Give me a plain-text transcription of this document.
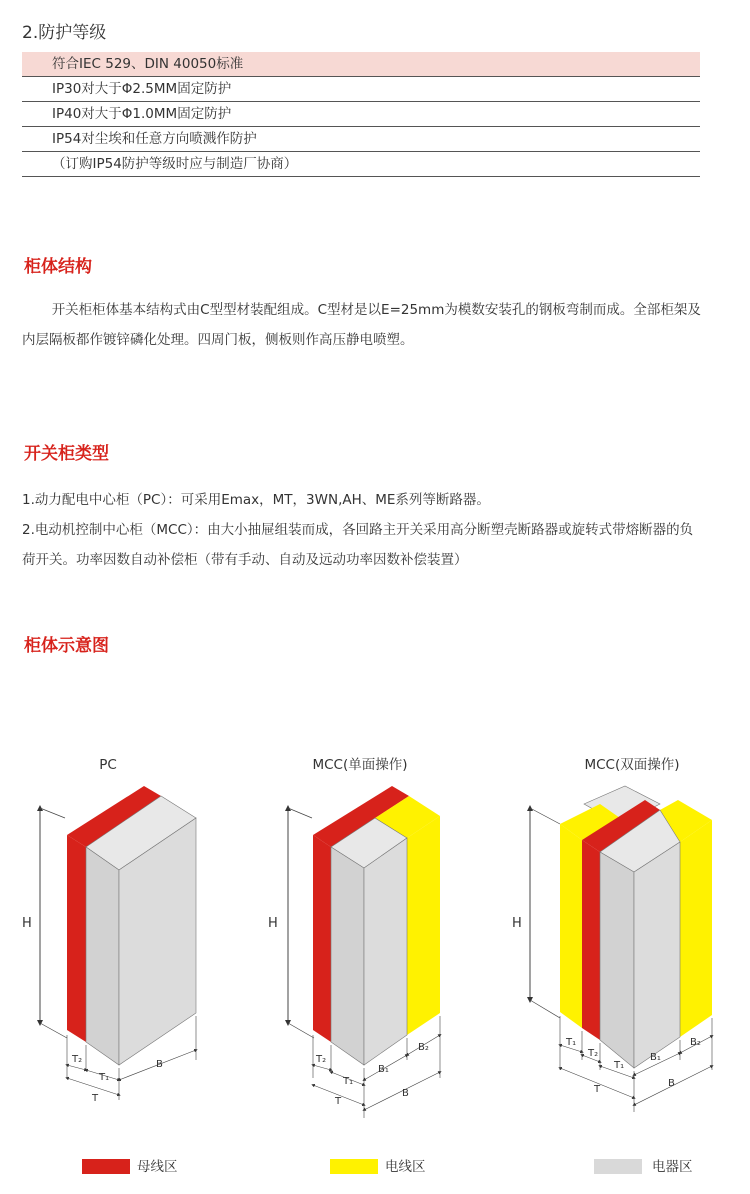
2.防护等级
符合IEC 529、DIN 40050标准
IP30对大于Φ2.5MM固定防护
IP40对大于Φ1.0MM固定防护
IP54对尘埃和任意方向喷溅作防护
（订购IP54防护等级时应与制造厂协商）
柜体结构

开关柜柜体基本结构式由C型型材装配组成。C型材是以E=25mm为模数安装孔的钢板弯制而成。全部柜架及内层隔板都作镀锌磷化处理。四周门板，侧板则作高压静电喷塑。

开关柜类型

1.动力配电中心柜（PC）：可采用Emax，MT，3WN,AH、ME系列等断路器。

2.电动机控制中心柜（MCC）：由大小抽屉组装而成，各回路主开关采用高分断塑壳断路器或旋转式带熔断器的负荷开关。功率因数自动补偿柜（带有手动、自动及远动功率因数补偿装置）

柜体示意图
PC
H
T₂
T₁
B
T
MCC(单面操作)
H
T₂
T₁
B₁
B₂
T
B
MCC(双面操作)
H
T₁
T₂
T₁
B₁
B₂
T
B
母线区	电线区	电器区
